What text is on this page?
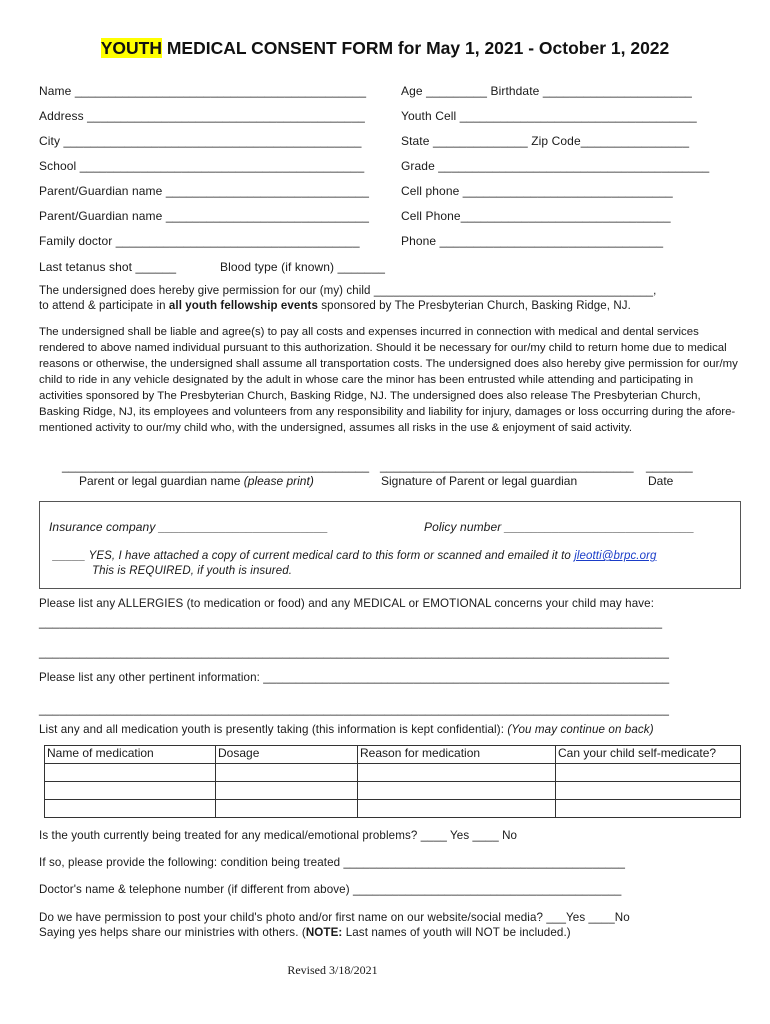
YOUTH MEDICAL CONSENT FORM for May 1, 2021 - October 1, 2022
Name ___________________________________________	Age _________ Birthdate ______________________
Address _________________________________________	Youth Cell ___________________________________
City ____________________________________________	State ______________ Zip Code________________
School __________________________________________	Grade ________________________________________
Parent/Guardian name ______________________________	Cell phone _______________________________
Parent/Guardian name ______________________________	Cell Phone_______________________________
Family doctor ____________________________________	Phone _________________________________
Last tetanus shot ______	Blood type (if known) _______
The undersigned does hereby give permission for our (my) child ___________________________________________,
to attend & participate in all youth fellowship events sponsored by The Presbyterian Church, Basking Ridge, NJ.
The undersigned shall be liable and agree(s) to pay all costs and expenses incurred in connection with medical and dental services rendered to above named individual pursuant to this authorization. Should it be necessary for our/my child to return home due to medical reasons or otherwise, the undersigned shall assume all transportation costs. The undersigned does also hereby give permission for our/my child to ride in any vehicle designated by the adult in whose care the minor has been entrusted while attending and participating in activities sponsored by The Presbyterian Church, Basking Ridge, NJ. The undersigned does also release The Presbyterian Church, Basking Ridge, NJ, its employees and volunteers from any responsibility and liability for injury, damages or loss occurring during the afore-mentioned activity to our/my child who, with the undersigned, assumes all risks in the use & enjoyment of said activity.
______________________________________________
Parent or legal guardian name (please print)
______________________________________
Signature of Parent or legal guardian
_______
Date
Insurance company _________________________	Policy number ____________________________
_____ YES, I have attached a copy of current medical card to this form or scanned and emailed it to jleotti@brpc.org
This is REQUIRED, if youth is insured.
Please list any ALLERGIES (to medication or food) and any MEDICAL or EMOTIONAL concerns your child may have:
____________________________________________________________________________________________
_____________________________________________________________________________________________
Please list any other pertinent information: ______________________________________________________________
_____________________________________________________________________________________________
List any and all medication youth is presently taking (this information is kept confidential): (You may continue on back)
Name of medication	Dosage	Reason for medication	Can your child self-medicate?

Is the youth currently being treated for any medical/emotional problems? ____ Yes ____ No
If so, please provide the following: condition being treated ___________________________________________
Doctor's name & telephone number (if different from above) _________________________________________
Do we have permission to post your child's photo and/or first name on our website/social media? ___Yes ____No
Saying yes helps share our ministries with others. (NOTE: Last names of youth will NOT be included.)
Revised 3/18/2021
